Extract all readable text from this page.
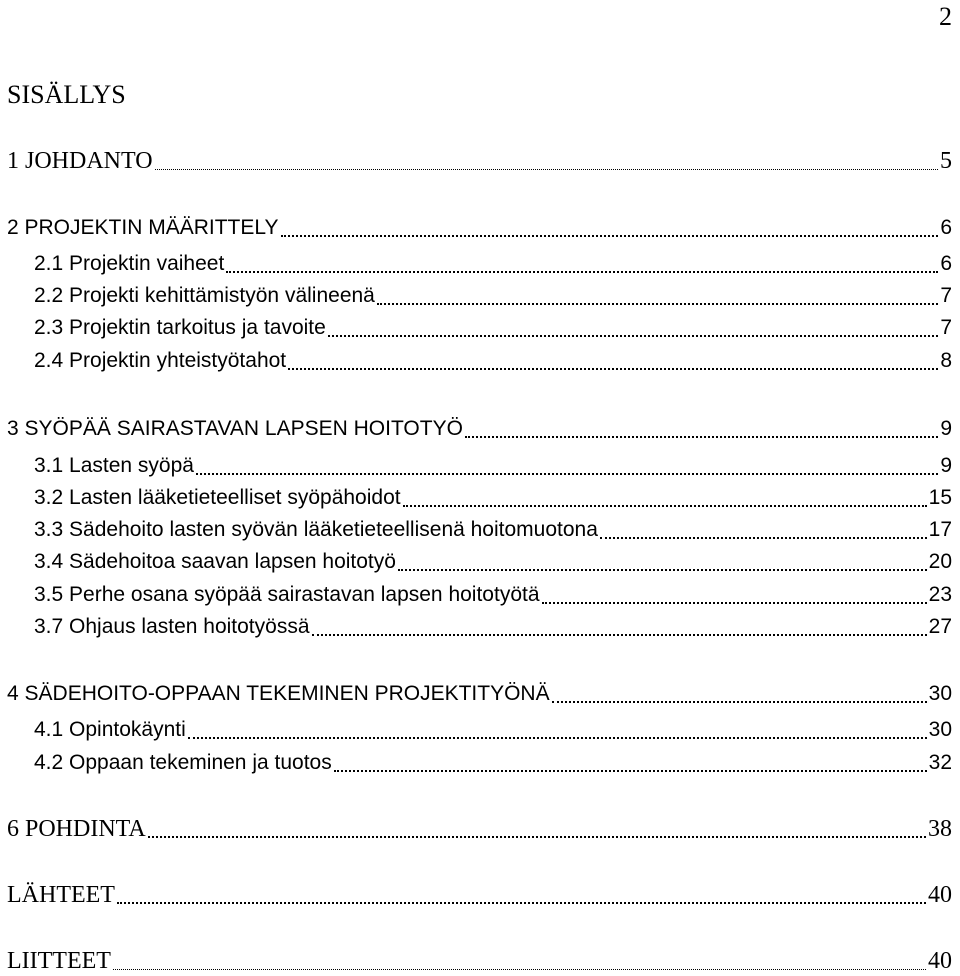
2
SISÄLLYS
1 JOHDANTO	5
2 PROJEKTIN MÄÄRITTELY	6
2.1 Projektin vaiheet	6
2.2 Projekti kehittämistyön välineenä	7
2.3 Projektin tarkoitus ja tavoite	7
2.4 Projektin yhteistyötahot	8
3 SYÖPÄÄ SAIRASTAVAN LAPSEN HOITOTYÖ	9
3.1 Lasten syöpä	9
3.2 Lasten lääketieteelliset syöpähoidot	15
3.3 Sädehoito lasten syövän lääketieteellisenä hoitomuotona	17
3.4 Sädehoitoa saavan lapsen hoitotyö	20
3.5 Perhe osana syöpää sairastavan lapsen hoitotyötä	23
3.7 Ohjaus lasten hoitotyössä	27
4 SÄDEHOITO-OPPAAN TEKEMINEN PROJEKTITYÖNÄ	30
4.1 Opintokäynti	30
4.2 Oppaan tekeminen ja tuotos	32
6 POHDINTA	38
LÄHTEET	40
LIITTEET	40
